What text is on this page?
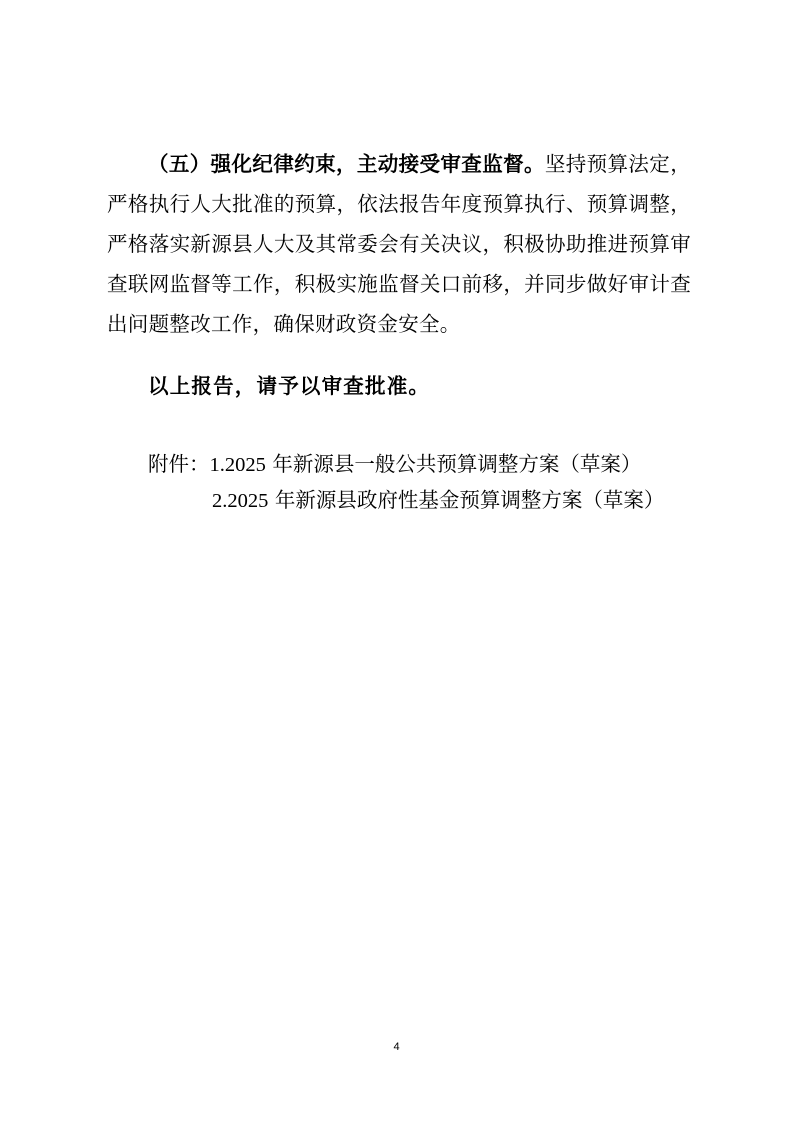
（五）强化纪律约束，主动接受审查监督。坚持预算法定，严格执行人大批准的预算，依法报告年度预算执行、预算调整，严格落实新源县人大及其常委会有关决议，积极协助推进预算审查联网监督等工作，积极实施监督关口前移，并同步做好审计查出问题整改工作，确保财政资金安全。

以上报告，请予以审查批准。

附件：1.2025 年新源县一般公共预算调整方案（草案）

2.2025 年新源县政府性基金预算调整方案（草案）

4
